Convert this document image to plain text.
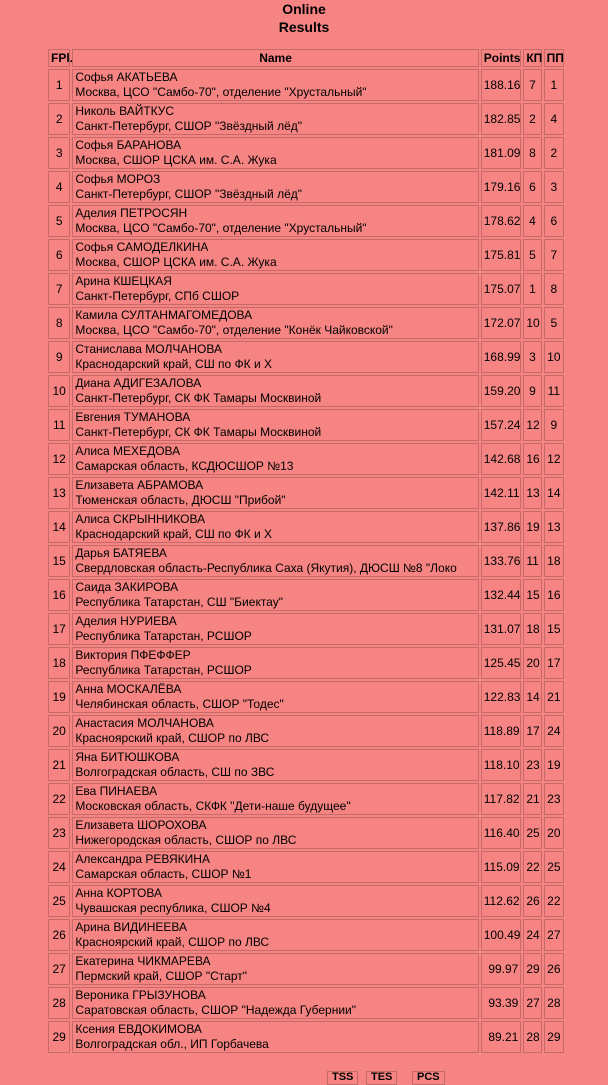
Online
Results
FPl.	Name	Points	КП	ПП
1	Софья АКАТЬЕВА
Москва, ЦСО "Самбо-70", отделение "Хрустальный"	188.16	7	1
2	Николь ВАЙТКУС
Санкт-Петербург, СШОР "Звёздный лёд"	182.85	2	4
3	Софья БАРАНОВА
Москва, СШОР ЦСКА им. С.А. Жука	181.09	8	2
4	Софья МОРОЗ
Санкт-Петербург, СШОР "Звёздный лёд"	179.16	6	3
5	Аделия ПЕТРОСЯН
Москва, ЦСО "Самбо-70", отделение "Хрустальный"	178.62	4	6
6	Софья САМОДЕЛКИНА
Москва, СШОР ЦСКА им. С.А. Жука	175.81	5	7
7	Арина КШЕЦКАЯ
Санкт-Петербург, СПб СШОР	175.07	1	8
8	Камила СУЛТАНМАГОМЕДОВА
Москва, ЦСО "Самбо-70", отделение "Конёк Чайковской"	172.07	10	5
9	Станислава МОЛЧАНОВА
Краснодарский край, СШ по ФК и Х	168.99	3	10
10	Диана АДИГЕЗАЛОВА
Санкт-Петербург, СК ФК Тамары Москвиной	159.20	9	11
11	Евгения ТУМАНОВА
Санкт-Петербург, СК ФК Тамары Москвиной	157.24	12	9
12	Алиса МЕХЕДОВА
Самарская область, КСДЮСШОР №13	142.68	16	12
13	Елизавета АБРАМОВА
Тюменская область, ДЮСШ "Прибой"	142.11	13	14
14	Алиса СКРЫННИКОВА
Краснодарский край, СШ по ФК и Х	137.86	19	13
15	Дарья БАТЯЕВА
Свердловская область-Республика Саха (Якутия), ДЮСШ №8 "Локо	133.76	11	18
16	Саида ЗАКИРОВА
Республика Татарстан, СШ "Биектау"	132.44	15	16
17	Аделия НУРИЕВА
Республика Татарстан, РСШОР	131.07	18	15
18	Виктория ПФЕФФЕР
Республика Татарстан, РСШОР	125.45	20	17
19	Анна МОСКАЛЁВА
Челябинская область, СШОР "Тодес"	122.83	14	21
20	Анастасия МОЛЧАНОВА
Красноярский край, СШОР по ЛВС	118.89	17	24
21	Яна БИТЮШКОВА
Волгоградская область, СШ по ЗВС	118.10	23	19
22	Ева ПИНАЕВА
Московская область, СКФК "Дети-наше будущее"	117.82	21	23
23	Елизавета ШОРОХОВА
Нижегородская область, СШОР по ЛВС	116.40	25	20
24	Александра РЕВЯКИНА
Самарская область, СШОР №1	115.09	22	25
25	Анна КОРТОВА
Чувашская республика, СШОР №4	112.62	26	22
26	Арина ВИДИНЕЕВА
Красноярский край, СШОР по ЛВС	100.49	24	27
27	Екатерина ЧИКМАРЕВА
Пермский край, СШОР "Старт"	99.97	29	26
28	Вероника ГРЫЗУНОВА
Саратовская область, СШОР "Надежда Губернии"	93.39	27	28
29	Ксения ЕВДОКИМОВА
Волгоградская обл., ИП Горбачева	89.21	28	29
TSS	TES	PCS
